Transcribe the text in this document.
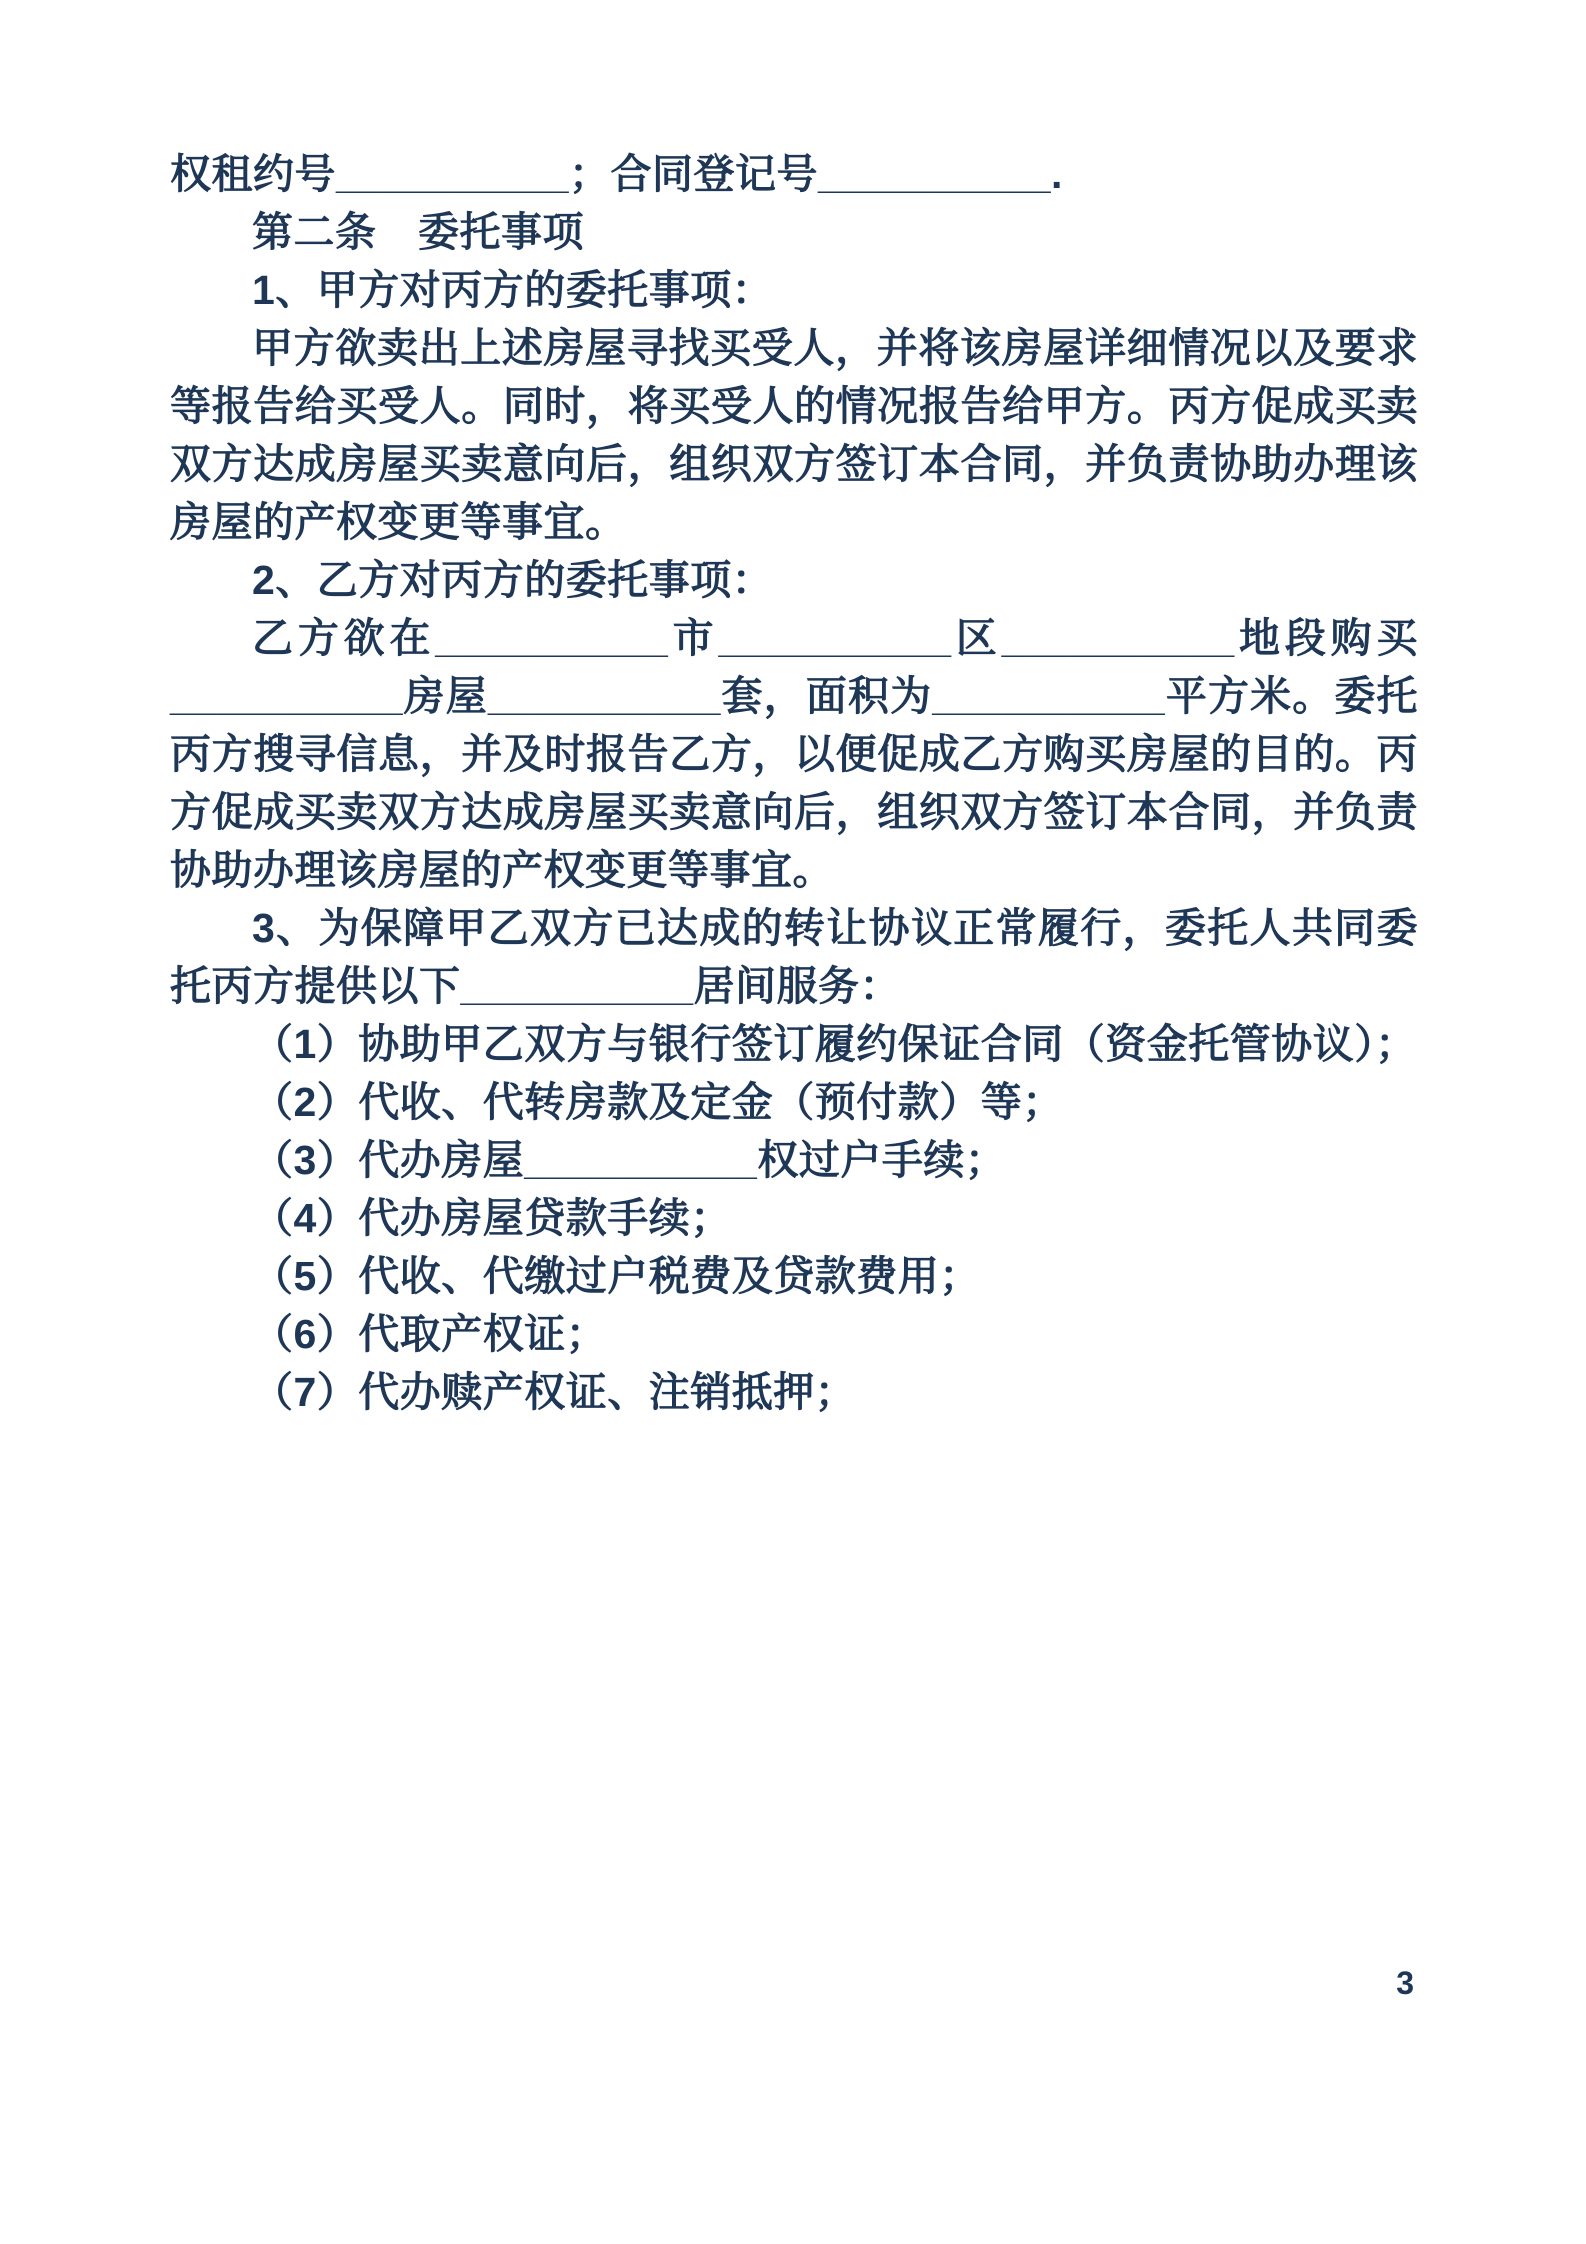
权租约号__________；合同登记号__________.

第二条　委托事项

1、甲方对丙方的委托事项：

甲方欲卖出上述房屋寻找买受人，并将该房屋详细情况以及要求等报告给买受人。同时，将买受人的情况报告给甲方。丙方促成买卖双方达成房屋买卖意向后，组织双方签订本合同，并负责协助办理该房屋的产权变更等事宜。

2、乙方对丙方的委托事项：

乙方欲在__________市__________区__________地段购买__________房屋__________套，面积为__________平方米。委托丙方搜寻信息，并及时报告乙方，以便促成乙方购买房屋的目的。丙方促成买卖双方达成房屋买卖意向后，组织双方签订本合同，并负责协助办理该房屋的产权变更等事宜。

3、为保障甲乙双方已达成的转让协议正常履行，委托人共同委托丙方提供以下__________居间服务：

（1）协助甲乙双方与银行签订履约保证合同（资金托管协议）；

（2）代收、代转房款及定金（预付款）等；

（3）代办房屋__________权过户手续；

（4）代办房屋贷款手续；

（5）代收、代缴过户税费及贷款费用；

（6）代取产权证；

（7）代办赎产权证、注销抵押；

3
